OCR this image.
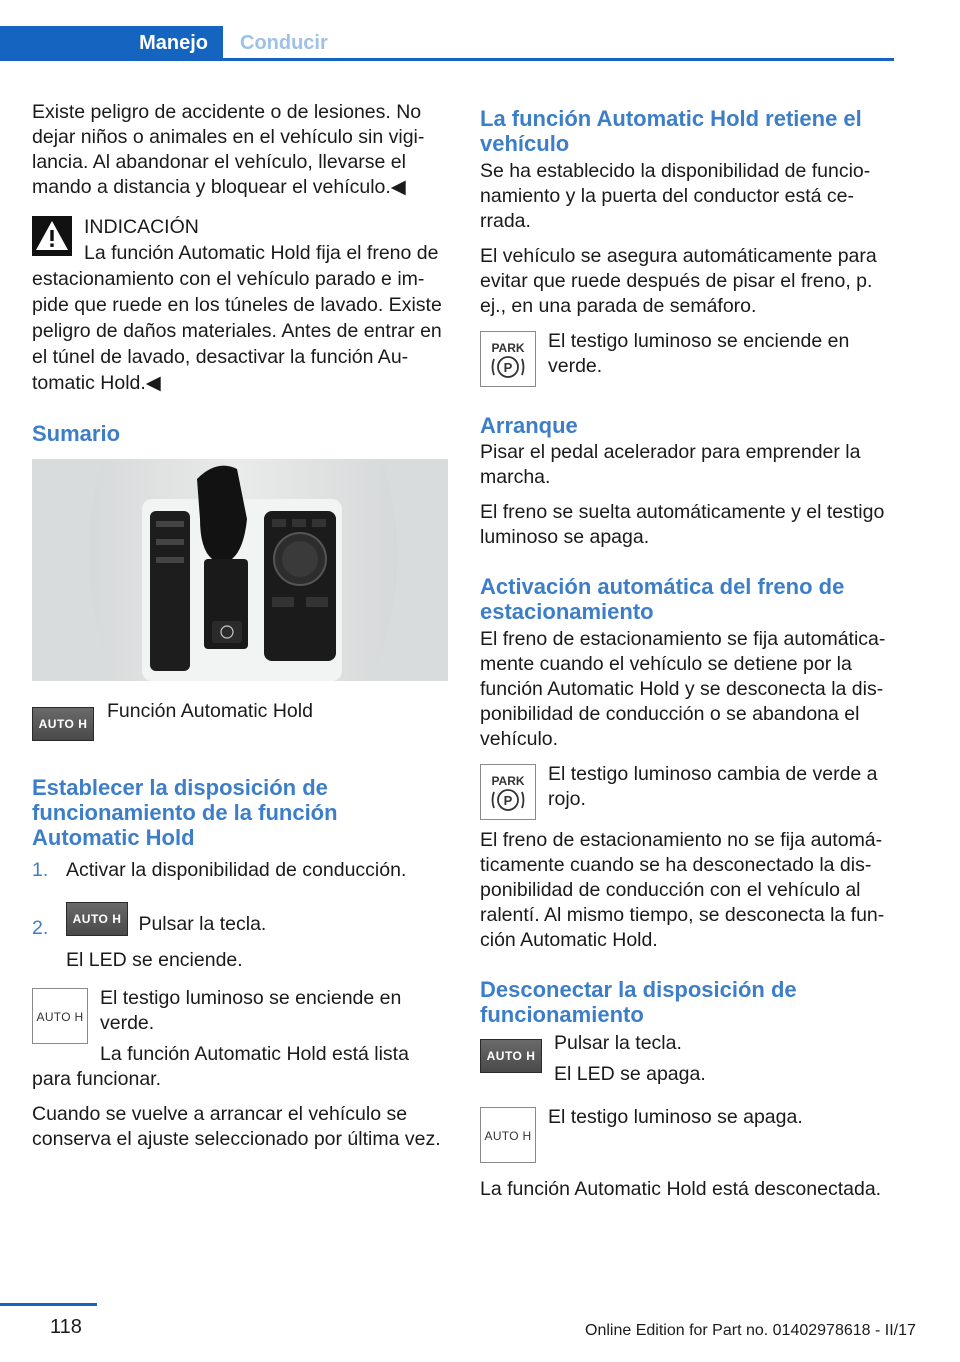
Manejo	Conducir

Existe peligro de accidente o de lesiones. No dejar niños o animales en el vehículo sin vigi-lancia. Al abandonar el vehículo, llevarse el mando a distancia y bloquear el vehículo.◀

INDICACIÓN
La función Automatic Hold fija el freno de estacionamiento con el vehículo parado e im-pide que ruede en los túneles de lavado. Existe peligro de daños materiales. Antes de entrar en el túnel de lavado, desactivar la función Au-tomatic Hold.◀
Sumario
AUTO H

Función Automatic Hold

Establecer la disposición de funcionamiento de la función Automatic Hold
1. Activar la disponibilidad de conducción.

2. AUTO H Pulsar la tecla.

El LED se enciende.

AUTO H

El testigo luminoso se enciende en verde.

La función Automatic Hold está lista para funcionar.

Cuando se vuelve a arrancar el vehículo se conserva el ajuste seleccionado por última vez.

La función Automatic Hold retiene el vehículo

Se ha establecido la disponibilidad de funcio-namiento y la puerta del conductor está ce-rrada.

El vehículo se asegura automáticamente para evitar que ruede después de pisar el freno, p. ej., en una parada de semáforo.

PARK
P

El testigo luminoso se enciende en verde.

Arranque

Pisar el pedal acelerador para emprender la marcha.

El freno se suelta automáticamente y el testigo luminoso se apaga.

Activación automática del freno de estacionamiento

El freno de estacionamiento se fija automática-mente cuando el vehículo se detiene por la función Automatic Hold y se desconecta la dis-ponibilidad de conducción o se abandona el vehículo.

PARK
P

El testigo luminoso cambia de verde a rojo.

El freno de estacionamiento no se fija automá-ticamente cuando se ha desconectado la dis-ponibilidad de conducción con el vehículo al ralentí. Al mismo tiempo, se desconecta la fun-ción Automatic Hold.

Desconectar la disposición de funcionamiento
AUTO H

Pulsar la tecla.

El LED se apaga.

AUTO H

El testigo luminoso se apaga.

La función Automatic Hold está desconectada.

118	Online Edition for Part no. 01402978618 - II/17
